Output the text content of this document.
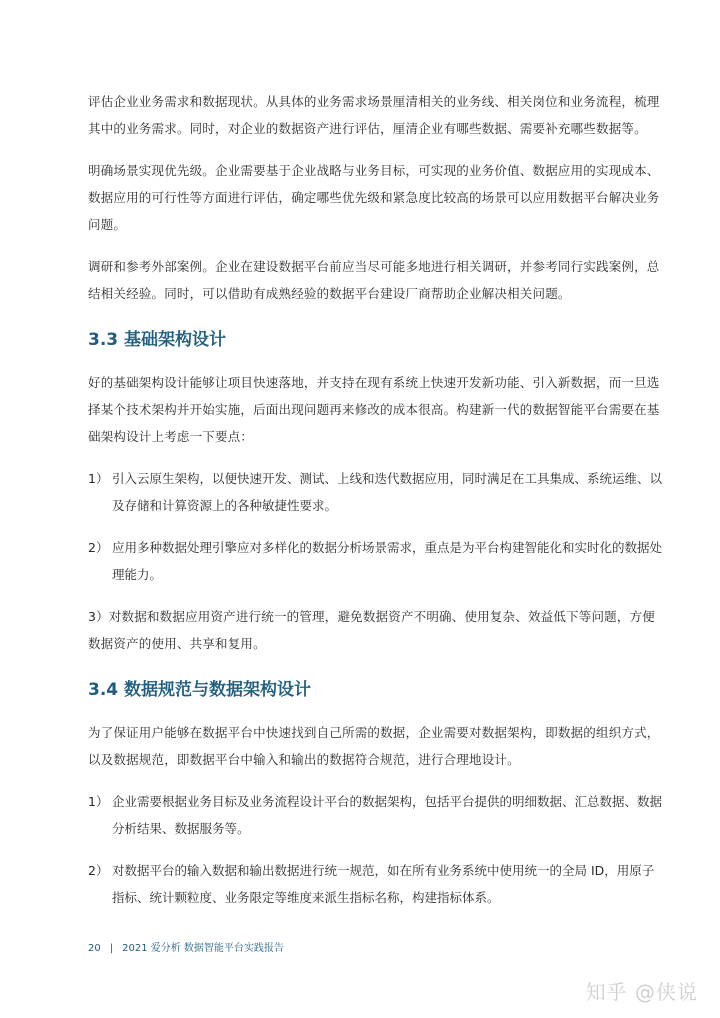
评估企业业务需求和数据现状。从具体的业务需求场景厘清相关的业务线、相关岗位和业务流程，梳理其中的业务需求。同时，对企业的数据资产进行评估，厘清企业有哪些数据、需要补充哪些数据等。

明确场景实现优先级。企业需要基于企业战略与业务目标，可实现的业务价值、数据应用的实现成本、数据应用的可行性等方面进行评估，确定哪些优先级和紧急度比较高的场景可以应用数据平台解决业务问题。

调研和参考外部案例。企业在建设数据平台前应当尽可能多地进行相关调研，并参考同行实践案例，总结相关经验。同时，可以借助有成熟经验的数据平台建设厂商帮助企业解决相关问题。

3.3 基础架构设计

好的基础架构设计能够让项目快速落地，并支持在现有系统上快速开发新功能、引入新数据，而一旦选择某个技术架构并开始实施，后面出现问题再来修改的成本很高。构建新一代的数据智能平台需要在基础架构设计上考虑一下要点：

1） 引入云原生架构，以便快速开发、测试、上线和迭代数据应用，同时满足在工具集成、系统运维、以及存储和计算资源上的各种敏捷性要求。
2） 应用多种数据处理引擎应对多样化的数据分析场景需求，重点是为平台构建智能化和实时化的数据处理能力。

3）对数据和数据应用资产进行统一的管理，避免数据资产不明确、使用复杂、效益低下等问题，方便数据资产的使用、共享和复用。

3.4 数据规范与数据架构设计

为了保证用户能够在数据平台中快速找到自己所需的数据，企业需要对数据架构，即数据的组织方式，以及数据规范，即数据平台中输入和输出的数据符合规范，进行合理地设计。

1） 企业需要根据业务目标及业务流程设计平台的数据架构，包括平台提供的明细数据、汇总数据、数据分析结果、数据服务等。
2） 对数据平台的输入数据和输出数据进行统一规范，如在所有业务系统中使用统一的全局 ID，用原子指标、统计颗粒度、业务限定等维度来派生指标名称，构建指标体系。
20 | 2021 爱分析 数据智能平台实践报告
知乎 @侠说
